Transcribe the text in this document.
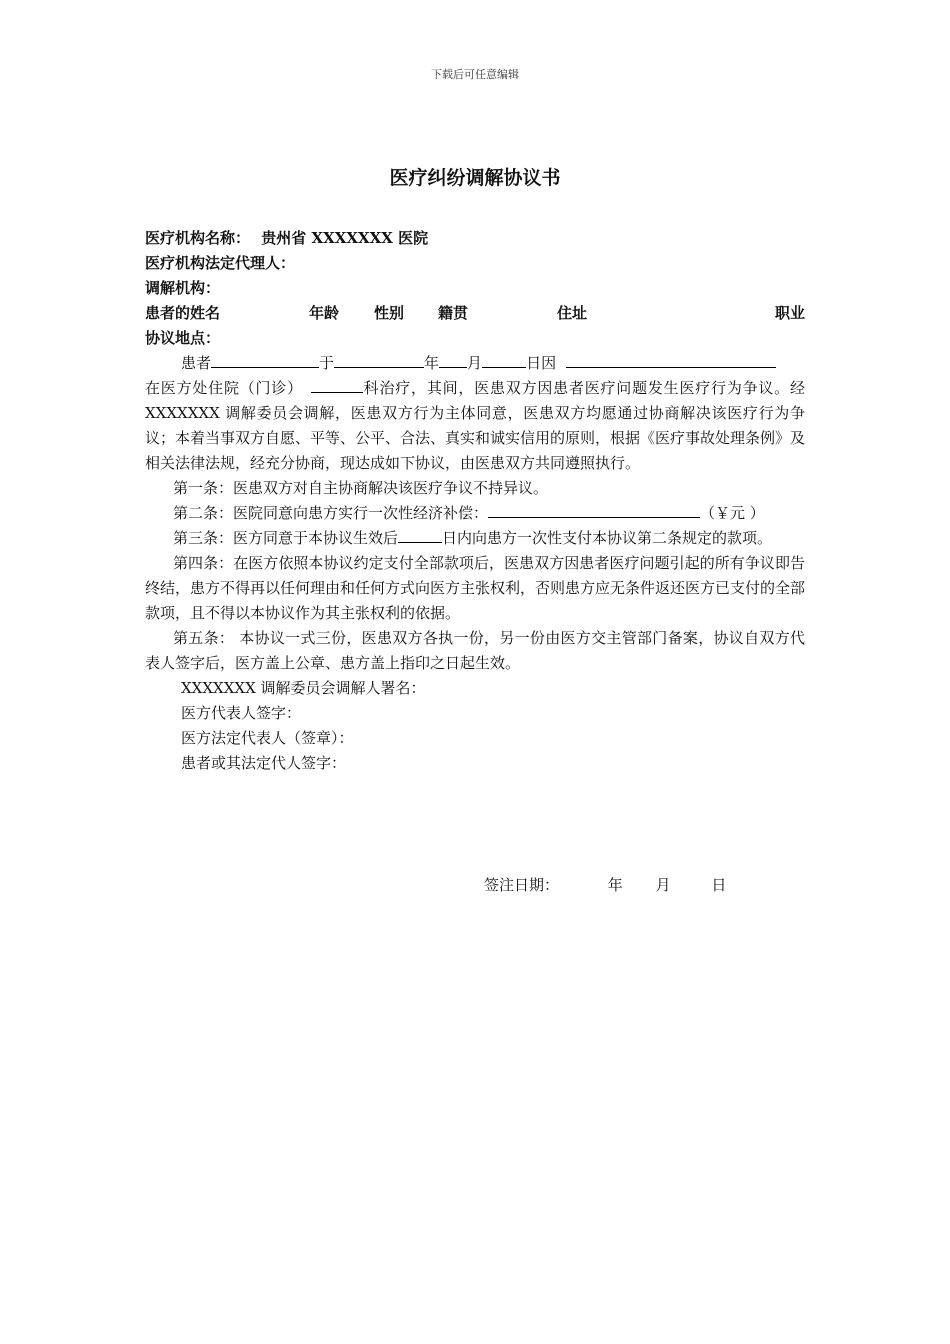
下载后可任意编辑
医疗纠纷调解协议书
医疗机构名称： 贵州省 XXXXXXX 医院
医疗机构法定代理人：
调解机构：
患者的姓名	年龄 性别 籍贯	住址	职业
协议地点：

患者	于	年 月	日因
在医方处住院（门诊）	科治疗，其间，医患双方因患者医疗问题发生医疗行为争议。经 XXXXXXX 调解委员会调解，医患双方行为主体同意，医患双方均愿通过协商解决该医疗行为争议；本着当事双方自愿、平等、公平、合法、真实和诚实信用的原则，根据《医疗事故处理条例》及相关法律法规，经充分协商，现达成如下协议，由医患双方共同遵照执行。

第一条：医患双方对自主协商解决该医疗争议不持异议。

第二条：医院同意向患方实行一次性经济补偿：	（￥元 ）

第三条：医方同意于本协议生效后	日内向患方一次性支付本协议第二条规定的款项。

第四条：在医方依照本协议约定支付全部款项后，医患双方因患者医疗问题引起的所有争议即告终结，患方不得再以任何理由和任何方式向医方主张权利，否则患方应无条件返还医方已支付的全部款项，且不得以本协议作为其主张权利的依据。

第五条： 本协议一式三份，医患双方各执一份，另一份由医方交主管部门备案，协议自双方代表人签字后，医方盖上公章、患方盖上指印之日起生效。

XXXXXXX 调解委员会调解人署名：
医方代表人签字：
医方法定代表人（签章）：
患者或其法定代人签字：
签注日期：	年 月	日
